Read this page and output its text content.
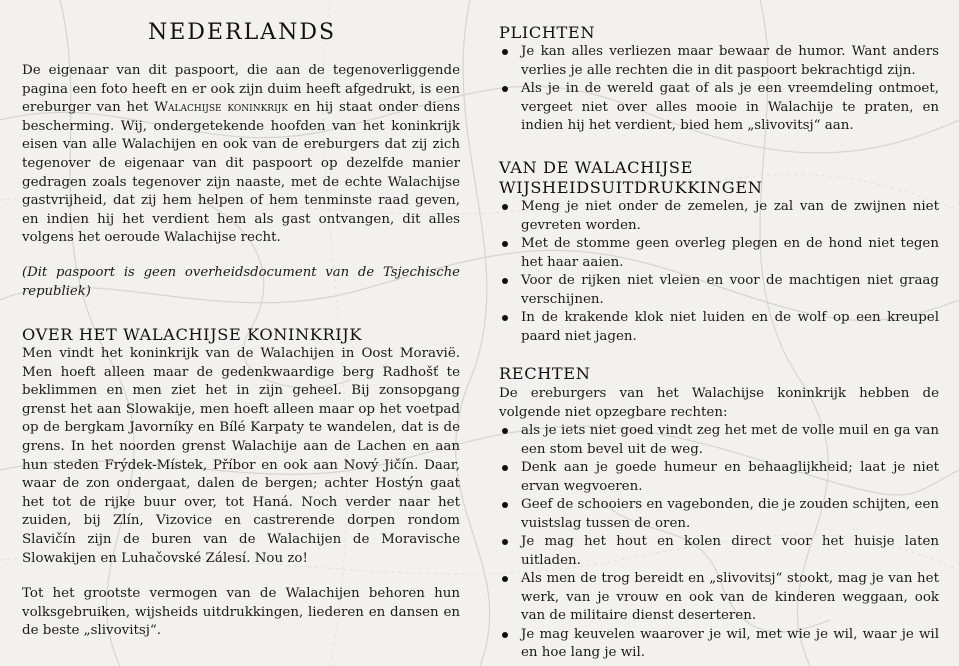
NEDERLANDS

De eigenaar van dit paspoort, die aan de tegenoverliggende pagina een foto heeft en er ook zijn duim heeft afgedrukt, is een ereburger van het Walachijse koninkrijk en hij staat onder diens bescherming. Wij, ondergetekende hoofden van het koninkrijk eisen van alle Walachijen en ook van de ereburgers dat zij zich tegenover de eigenaar van dit paspoort op dezelfde manier gedragen zoals tegenover zijn naaste, met de echte Walachijse gastvrijheid, dat zij hem helpen of hem tenminste raad geven, en indien hij het verdient hem als gast ontvangen, dit alles volgens het oeroude Walachijse recht.

(Dit paspoort is geen overheidsdocument van de Tsjechische republiek)

OVER HET WALACHIJSE KONINKRIJK

Men vindt het koninkrijk van de Walachijen in Oost Moravië. Men hoeft alleen maar de gedenkwaardige berg Radhošť te beklimmen en men ziet het in zijn geheel. Bij zonsopgang grenst het aan Slowakije, men hoeft alleen maar op het voetpad op de bergkam Javorníky en Bílé Karpaty te wandelen, dat is de grens. In het noorden grenst Walachije aan de Lachen en aan hun steden Frýdek-Místek, Příbor en ook aan Nový Jičín. Daar, waar de zon ondergaat, dalen de bergen; achter Hostýn gaat het tot de rijke buur over, tot Haná. Noch verder naar het zuiden, bij Zlín, Vizovice en castrerende dorpen rondom Slavičín zijn de buren van de Walachijen de Moravische Slowakijen en Luhačovské Zálesí. Nou zo!

Tot het grootste vermogen van de Walachijen behoren hun volksgebruiken, wijsheids uitdrukkingen, liederen en dansen en de beste „slivovitsj“.

PLICHTEN
Je kan alles verliezen maar bewaar de humor. Want anders verlies je alle rechten die in dit paspoort bekrachtigd zijn.
Als je in de wereld gaat of als je een vreemdeling ontmoet, vergeet niet over alles mooie in Walachije te praten, en indien hij het verdient, bied hem „slivovitsj“ aan.
VAN DE WALACHIJSE WIJSHEIDSUITDRUKKINGEN
Meng je niet onder de zemelen, je zal van de zwijnen niet gevreten worden.
Met de stomme geen overleg plegen en de hond niet tegen het haar aaien.
Voor de rijken niet vleien en voor de machtigen niet graag verschijnen.
In de krakende klok niet luiden en de wolf op een kreupel paard niet jagen.
RECHTEN

De ereburgers van het Walachijse koninkrijk hebben de volgende niet opzegbare rechten:

als je iets niet goed vindt zeg het met de volle muil en ga van een stom bevel uit de weg.
Denk aan je goede humeur en behaaglijkheid; laat je niet ervan wegvoeren.
Geef de schooiers en vagebonden, die je zouden schijten, een vuistslag tussen de oren.
Je mag het hout en kolen direct voor het huisje laten uitladen.
Als men de trog bereidt en „slivovitsj“ stookt, mag je van het werk, van je vrouw en ook van de kinderen weggaan, ook van de militaire dienst deserteren.
Je mag keuvelen waarover je wil, met wie je wil, waar je wil en hoe lang je wil.
